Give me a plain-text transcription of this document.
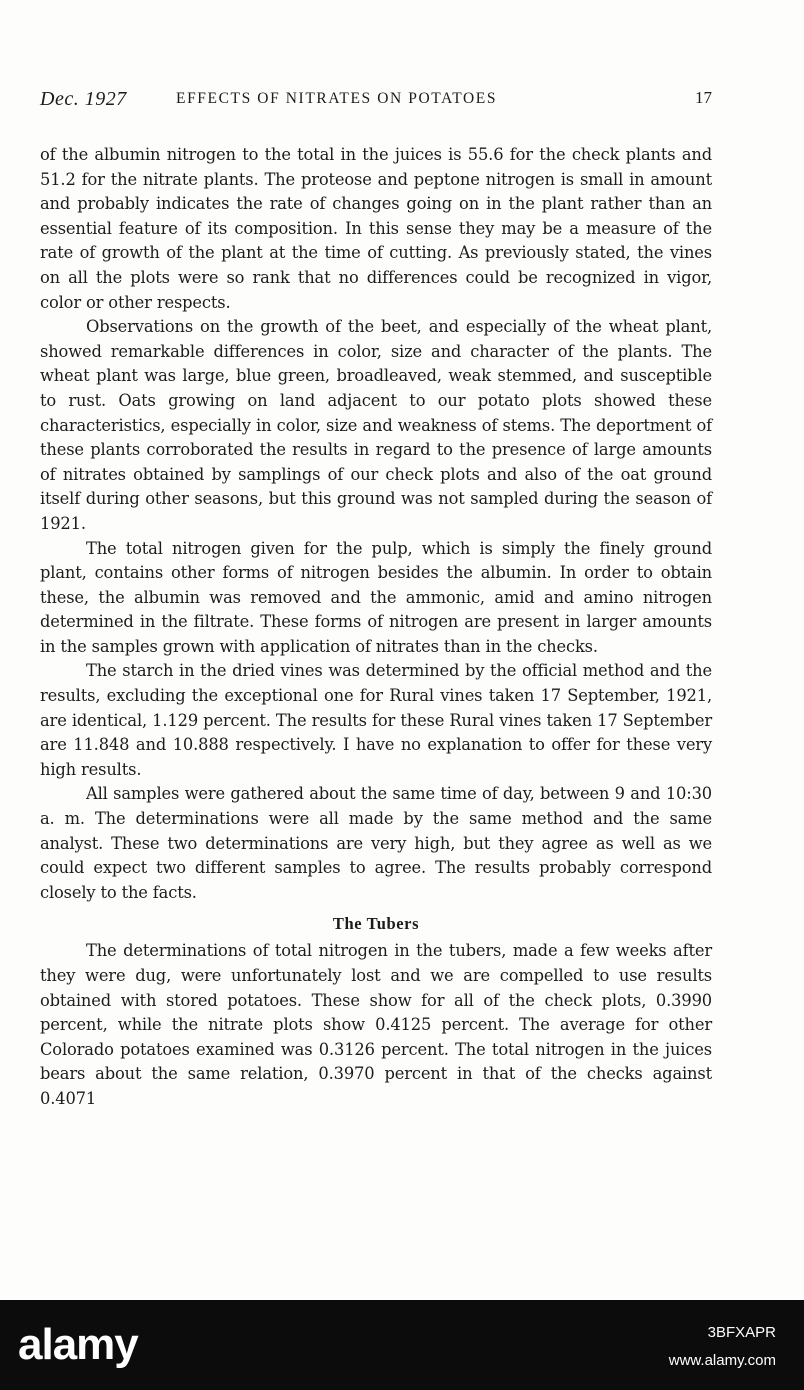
Dec. 1927	EFFECTS OF NITRATES ON POTATOES	17

of the albumin nitrogen to the total in the juices is 55.6 for the check plants and 51.2 for the nitrate plants. The proteose and peptone nitrogen is small in amount and probably indicates the rate of changes going on in the plant rather than an essential feature of its composition. In this sense they may be a measure of the rate of growth of the plant at the time of cutting. As previously stated, the vines on all the plots were so rank that no differences could be recognized in vigor, color or other respects.

Observations on the growth of the beet, and especially of the wheat plant, showed remarkable differences in color, size and character of the plants. The wheat plant was large, blue green, broadleaved, weak stemmed, and susceptible to rust. Oats growing on land adjacent to our potato plots showed these characteristics, especially in color, size and weakness of stems. The deportment of these plants corroborated the results in regard to the presence of large amounts of nitrates obtained by samplings of our check plots and also of the oat ground itself during other seasons, but this ground was not sampled during the season of 1921.

The total nitrogen given for the pulp, which is simply the finely ground plant, contains other forms of nitrogen besides the albumin. In order to obtain these, the albumin was removed and the ammonic, amid and amino nitrogen determined in the filtrate. These forms of nitrogen are present in larger amounts in the samples grown with application of nitrates than in the checks.

The starch in the dried vines was determined by the official method and the results, excluding the exceptional one for Rural vines taken 17 September, 1921, are identical, 1.129 percent. The results for these Rural vines taken 17 September are 11.848 and 10.888 respectively. I have no explanation to offer for these very high results.

All samples were gathered about the same time of day, between 9 and 10:30 a. m. The determinations were all made by the same method and the same analyst. These two determinations are very high, but they agree as well as we could expect two different samples to agree. The results probably correspond closely to the facts.

The Tubers

The determinations of total nitrogen in the tubers, made a few weeks after they were dug, were unfortunately lost and we are compelled to use results obtained with stored potatoes. These show for all of the check plots, 0.3990 percent, while the nitrate plots show 0.4125 percent. The average for other Colorado potatoes examined was 0.3126 percent. The total nitrogen in the juices bears about the same relation, 0.3970 percent in that of the checks against 0.4071

alamy	3BFXAPR
www.alamy.com
